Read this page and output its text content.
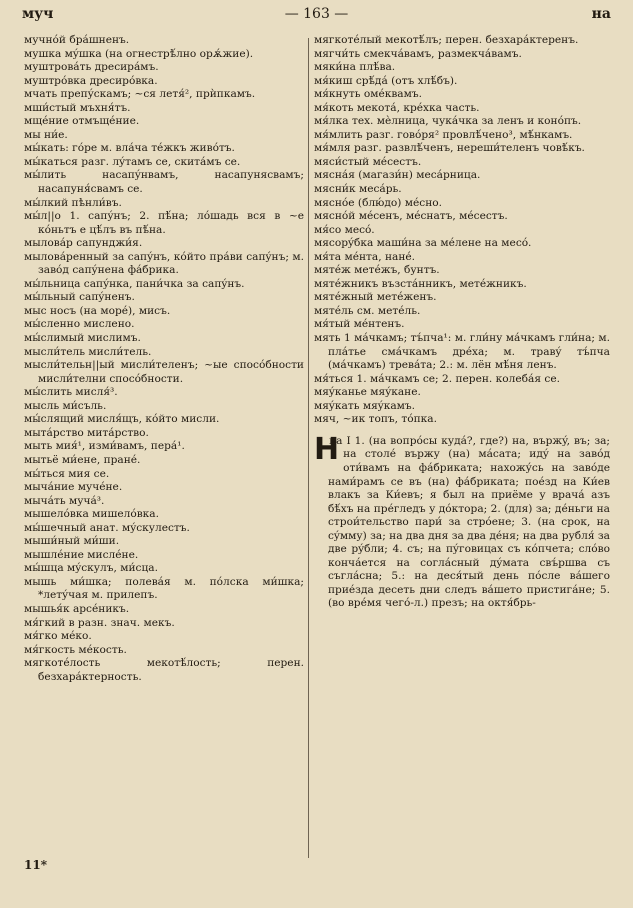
муч	— 163 —	на

мучнóй брáшненъ.

мушка мýшка (на огнестрѣ́лно орѫ́жие).

муштровáть дресирáмъ.

муштрóвка дресирóвка.

мчать препýскамъ; ~ся летя́², прѝпкамъ.

мши́стый мъхня́тъ.

мщéние отмъщéние.

мы ни́е.

мы́кать: гóре м. влáча тéжкъ живóтъ.

мы́каться разг. лýтамъ се, скитáмъ се.

мы́лить насапýнвамъ, насапунясвамъ; насапуня́свамъ се.

мы́лкий пѣнли́въ.

мы́л||о 1. сапýнъ; 2. пѣ́на; лóшадь вся в ~е кóньтъ е цѣ́лъ въ пѣ́на.

мыловáр сапунджи́я.

мыловáренный за сапýнъ, кóйто прáви сапýнъ; м. завóд сапýнена фáбрика.

мы́льница сапýнка, пани́чка за сапýнъ.

мы́льный сапýненъ.

мыс носъ (на морé), мисъ.

мы́сленно мислено.

мы́слимый мислимъ.

мысли́тель мисли́тель.

мысли́тельн||ый мисли́теленъ; ~ые спосóбности мисли́телни спосóбности.

мы́слить мисля́³.

мысль ми́съль.

мы́слящий мисля́щъ, кóйто мисли.

мытáрство митáрство.

мыть мия́¹, изми́вамъ, перá¹.

мытьё ми́ене, пранé.

мы́ться мия се.

мычáние мучéне.

мычáть мучá³.

мышелóвка мишелóвка.

мы́шечный анат. мýскулестъ.

мыши́ный ми́ши.

мышлéние мислéне.

мы́шца мýскулъ, ми́сца.

мышь ми́шка; полевáя м. пóлска ми́шка; *летýчая м. прилепъ.

мышья́к арсéникъ.

мя́гкий в разн. знач. мекъ.

мя́гко мéко.

мя́гкость мéкость.

мягкотéлость мекотѣ́лость; перен. безхарáктерность.

мягкотéлый мекотѣ́лъ; перен. безхарáктеренъ.

мягчи́ть смекчáвамъ, размекчáвамъ.

мяки́на плѣ́ва.

мя́киш срѣ́дá (отъ хлѣ́бъ).

мя́кнуть омéквамъ.

мя́коть мекотá, крéхка часть.

мя́лка тех. мѐлница, чукáчка за ленъ и конóпъ.

мя́млить разг. говóря² провлѣ́чено³, мѣ́нкамъ.

мя́мля разг. развлѣ́ченъ, нереши́теленъ човѣ́къ.

мяси́стый мéсестъ.

мяснáя (магази́н) месáрница.

мясни́к месáрь.

мяснóе (блю́до) мéсно.

мяснóй мéсенъ, мéснатъ, мéсестъ.

мя́со месó.

мясорýбка маши́на за мéлене на месó.

мя́та мéнта, нанé.

мятéж метéжъ, бунтъ.

мятéжникъ възстáнникъ, метéжникъ.

мятéжный метéженъ.

мятéль см. метéль.

мя́тый мéнтенъ.

мять 1 мáчкамъ; тъ́пча¹: м. гли́ну мáчкамъ гли́на; м. плáтье смáчкамъ дрéха; м. травý тъ́пча (мáчкамъ) тревáта; 2.: м. лён мѣ́ня ленъ.

мя́ться 1. мáчкамъ се; 2. перен. колебáя се.

мяýканье мяýкане.

мяýкать мяýкамъ.

мяч, ~ик топъ, тóпка.

Н
на I 1. (на вопро́сы кудá?, где?) на, вържý, въ; за; на столé вържу (на) мáсата; идý на завóд оти́вамъ на фáбриката; нахожу́сь на завóде нами́рамъ се въ (на) фáбриката; поéзд на Ки́ев влакъ за Ки́евъ; я был на приёме у врачá азъ бѣ́хъ на прéгледъ у дóктора; 2. (для) за; дéньги на строи́тельство пари́ за стрóене; 3. (на срок, на сýмму) за; на два дня за два дéня; на два рубля́ за две рýбли; 4. съ; на пýговицах съ кóпчета; слóво кончáется на соглáсный дýмата свъ́ршва съ съглáсна; 5.: на деся́тый день пóсле вáшего приéзда десеть дни следъ вáшето пристигáне; 5. (во врéмя чегó-л.) презъ; на октя́брь-

11*
